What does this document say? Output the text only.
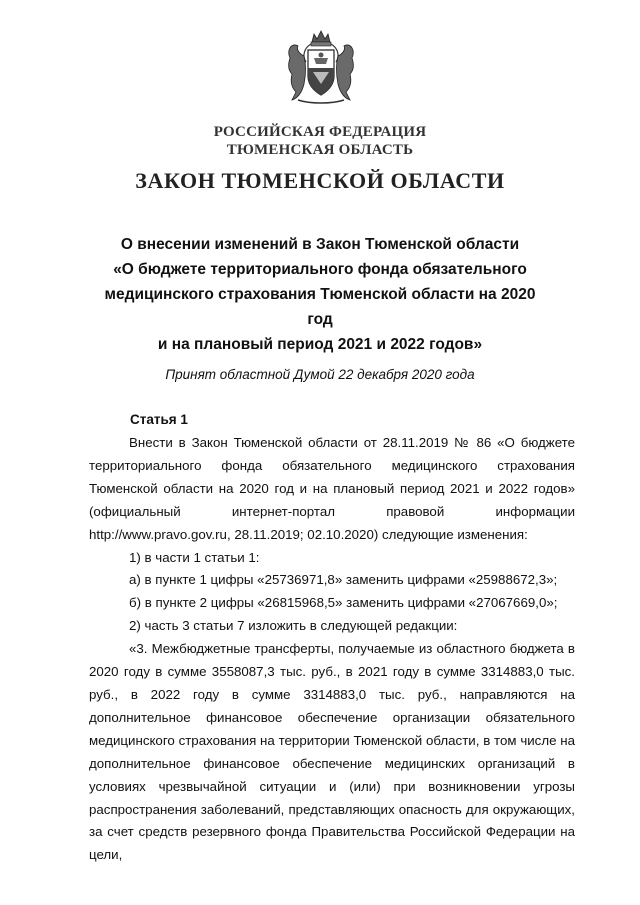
РОССИЙСКАЯ ФЕДЕРАЦИЯ
ТЮМЕНСКАЯ ОБЛАСТЬ
ЗАКОН ТЮМЕНСКОЙ ОБЛАСТИ
О внесении изменений в Закон Тюменской области
«О бюджете территориального фонда обязательного
медицинского страхования Тюменской области на 2020 год
и на плановый период 2021 и 2022 годов»
Принят областной Думой 22 декабря 2020 года
Статья 1

Внести в Закон Тюменской области от 28.11.2019 № 86 «О бюджете территориального фонда обязательного медицинского страхования Тюменской области на 2020 год и на плановый период 2021 и 2022 годов» (официальный интернет-портал правовой информации http://www.pravo.gov.ru, 28.11.2019; 02.10.2020) следующие изменения:

1) в части 1 статьи 1:

а) в пункте 1 цифры «25736971,8» заменить цифрами «25988672,3»;

б) в пункте 2 цифры «26815968,5» заменить цифрами «27067669,0»;

2) часть 3 статьи 7 изложить в следующей редакции:

«3. Межбюджетные трансферты, получаемые из областного бюджета в 2020 году в сумме 3558087,3 тыс. руб., в 2021 году в сумме 3314883,0 тыс. руб., в 2022 году в сумме 3314883,0 тыс. руб., направляются на дополнительное финансовое обеспечение организации обязательного медицинского страхования на территории Тюменской области, в том числе на дополнительное финансовое обеспечение медицинских организаций в условиях чрезвычайной ситуации и (или) при возникновении угрозы распространения заболеваний, представляющих опасность для окружающих, за счет средств резервного фонда Правительства Российской Федерации на цели,
